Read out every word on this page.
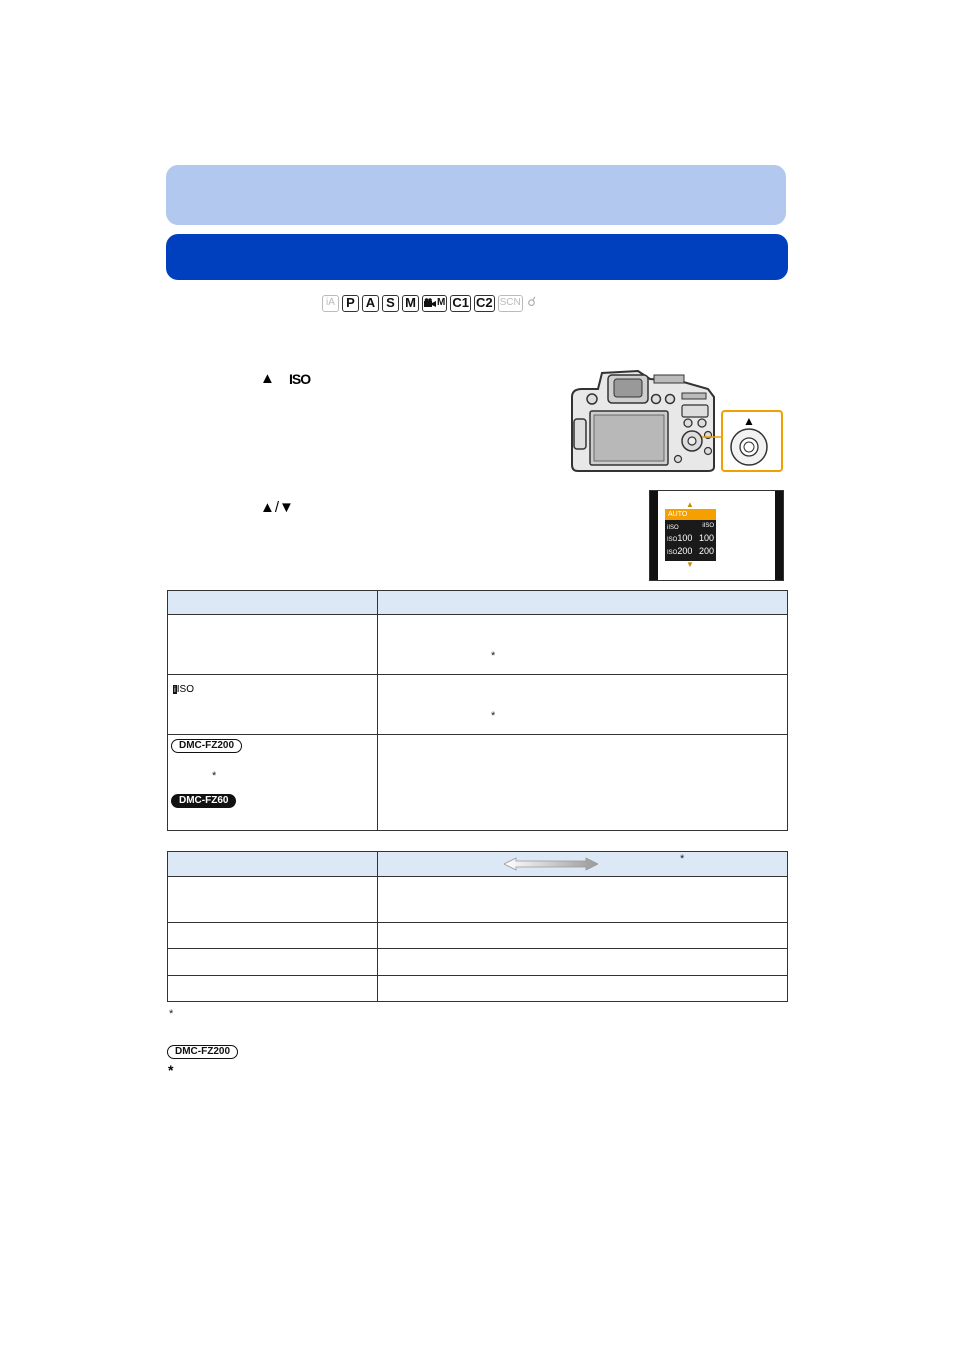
iA P A S M	M C1 C2 SCN ☌
▲ ISO
▲
▲/▼	▲
AUTO
iISO	iISO
ISO100 100
ISO200 200
▼

	*

iISO	*

DMC-FZ200
*
DMC-FZ60	

	*

*
DMC-FZ200
*
